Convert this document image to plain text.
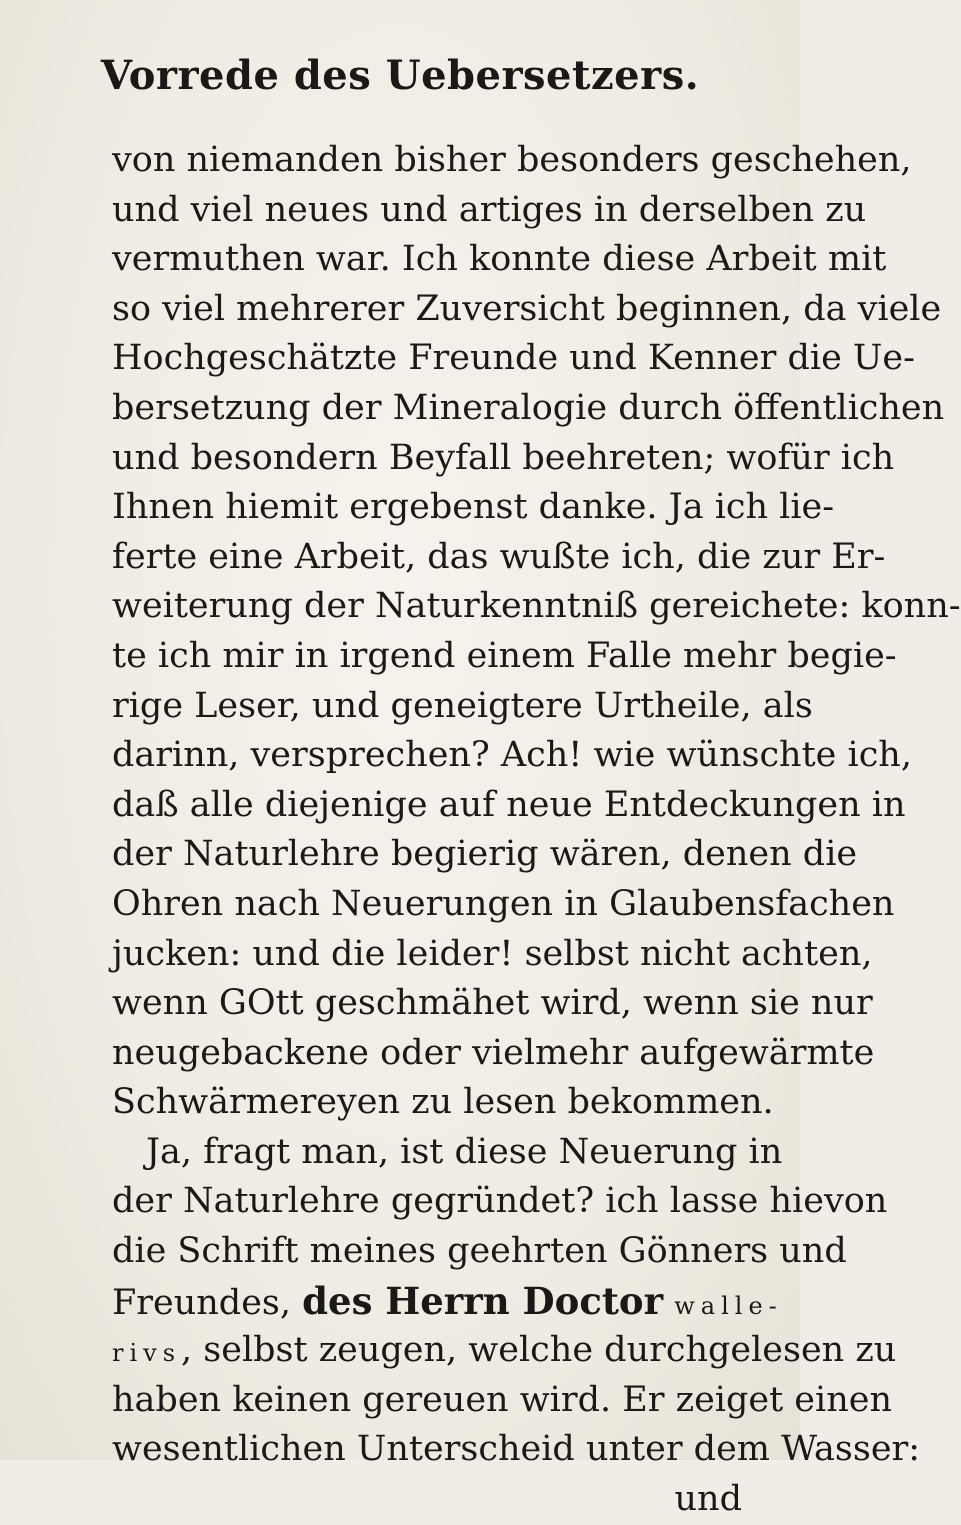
Vorrede des Uebersetzers.
von niemanden bisher besonders geschehen,
und viel neues und artiges in derselben zu
vermuthen war. Ich konnte diese Arbeit mit
so viel mehrerer Zuversicht beginnen, da viele
Hochgeschätzte Freunde und Kenner die Ue-
bersetzung der Mineralogie durch öffentlichen
und besondern Beyfall beehreten; wofür ich
Ihnen hiemit ergebenst danke. Ja ich lie-
ferte eine Arbeit, das wußte ich, die zur Er-
weiterung der Naturkenntniß gereichete: konn-
te ich mir in irgend einem Falle mehr begie-
rige Leser, und geneigtere Urtheile, als
darinn, versprechen? Ach! wie wünschte ich,
daß alle diejenige auf neue Entdeckungen in
der Naturlehre begierig wären, denen die
Ohren nach Neuerungen in Glaubensfachen
jucken: und die leider! selbst nicht achten,
wenn GOtt geschmähet wird, wenn sie nur
neugebackene oder vielmehr aufgewärmte
Schwärmereyen zu lesen bekommen.
Ja, fragt man, ist diese Neuerung in
der Naturlehre gegründet? ich lasse hievon
die Schrift meines geehrten Gönners und
Freundes, des Herrn Doctor walle-
rivs, selbst zeugen, welche durchgelesen zu
haben keinen gereuen wird. Er zeiget einen
wesentlichen Unterscheid unter dem Wasser:
und
